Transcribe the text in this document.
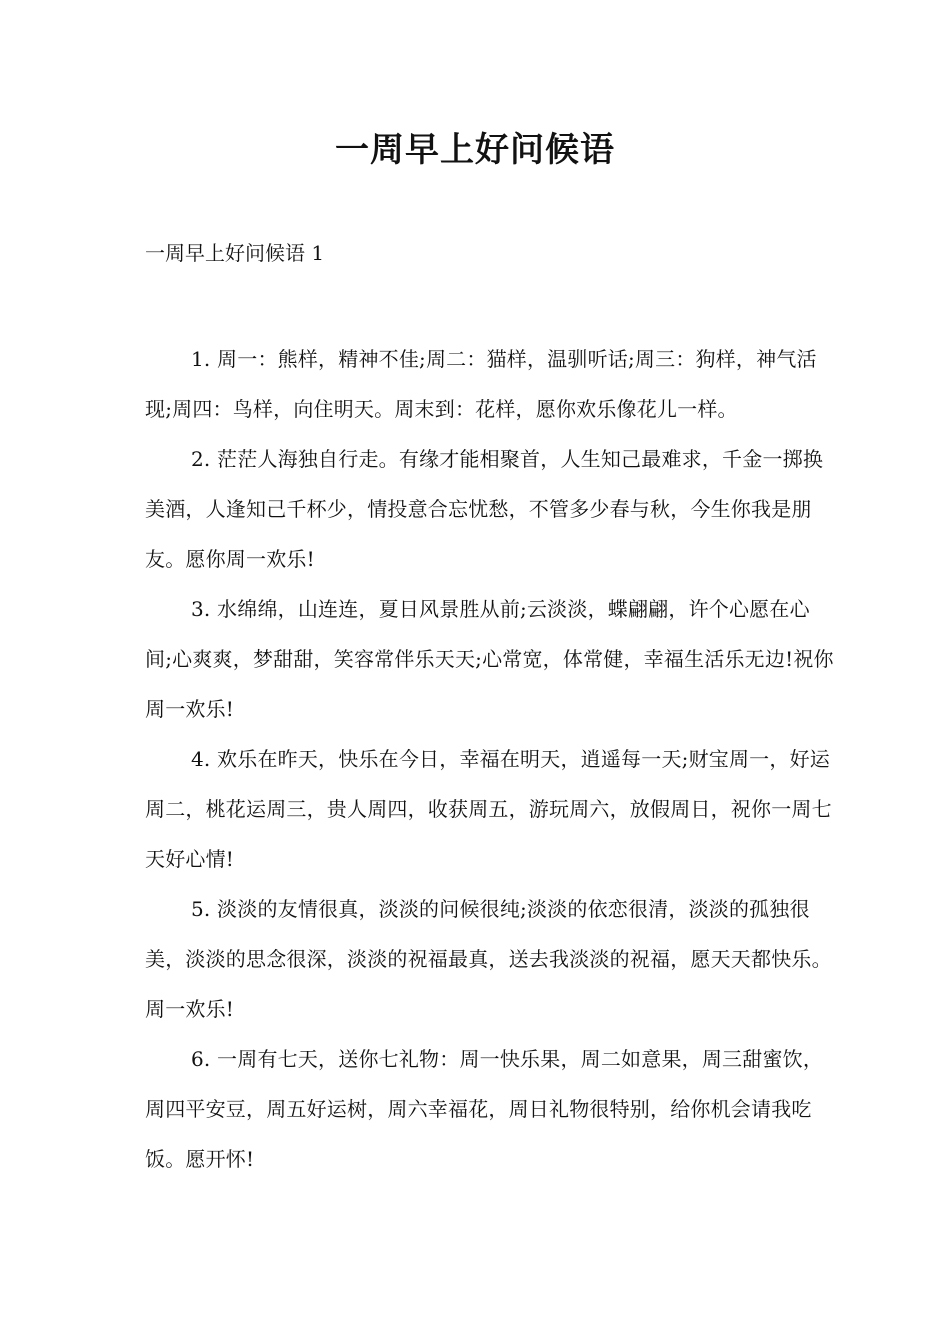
一周早上好问候语
一周早上好问候语 1

1. 周一：熊样，精神不佳;周二：猫样，温驯听话;周三：狗样，神气活现;周四：鸟样，向住明天。周末到：花样，愿你欢乐像花儿一样。

2. 茫茫人海独自行走。有缘才能相聚首，人生知己最难求，千金一掷换美酒，人逢知己千杯少，情投意合忘忧愁，不管多少春与秋，今生你我是朋友。愿你周一欢乐!

3. 水绵绵，山连连，夏日风景胜从前;云淡淡，蝶翩翩，许个心愿在心间;心爽爽，梦甜甜，笑容常伴乐天天;心常宽，体常健，幸福生活乐无边!祝你周一欢乐!

4. 欢乐在昨天，快乐在今日，幸福在明天，逍遥每一天;财宝周一，好运周二，桃花运周三，贵人周四，收获周五，游玩周六，放假周日，祝你一周七天好心情!

5. 淡淡的友情很真，淡淡的问候很纯;淡淡的依恋很清，淡淡的孤独很美，淡淡的思念很深，淡淡的祝福最真，送去我淡淡的祝福，愿天天都快乐。周一欢乐!

6. 一周有七天，送你七礼物：周一快乐果，周二如意果，周三甜蜜饮，周四平安豆，周五好运树，周六幸福花，周日礼物很特别，给你机会请我吃饭。愿开怀!
